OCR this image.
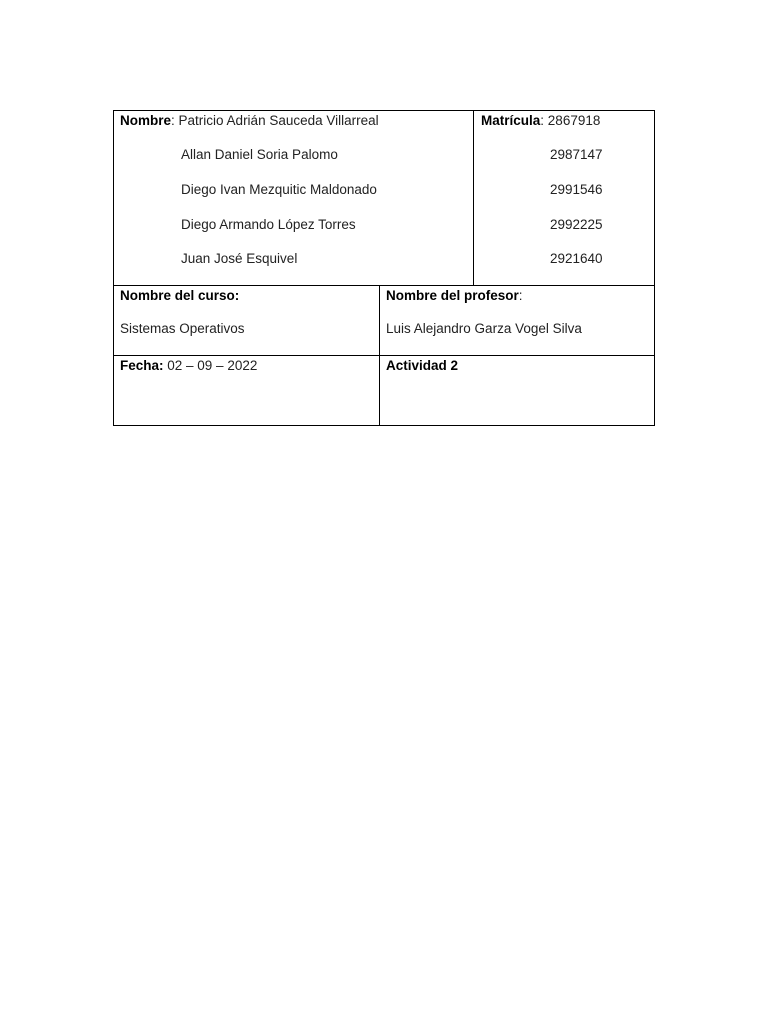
Nombre: Patricio Adrián Sauceda Villarreal
Allan Daniel Soria Palomo
Diego Ivan Mezquitic Maldonado
Diego Armando López Torres
Juan José Esquivel
Matrícula: 2867918
2987147
2991546
2992225
2921640
Nombre del curso:
Sistemas Operativos
Nombre del profesor:
Luis Alejandro Garza Vogel Silva
Fecha: 02 – 09 – 2022	Actividad 2
